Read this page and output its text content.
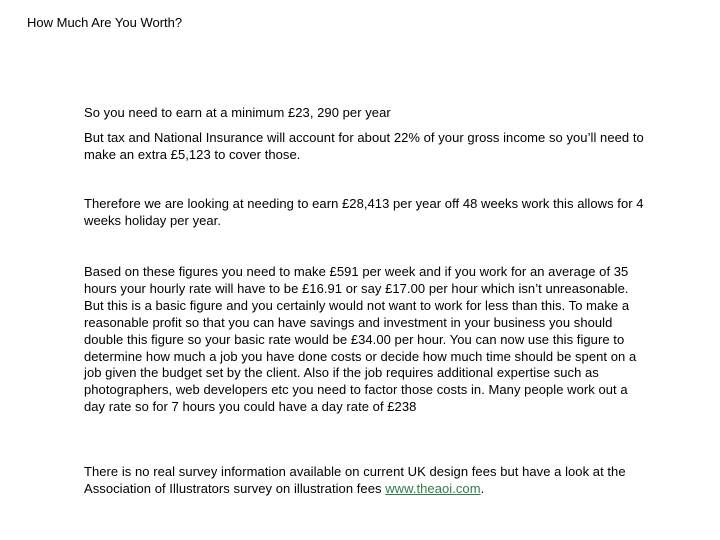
How Much Are You Worth?

So you need to earn at a minimum £23, 290 per year

But tax and National Insurance will account for about 22% of your gross income so you’ll need to make an extra £5,123 to cover those.

Therefore we are looking at needing to earn £28,413 per year off 48 weeks work this allows for 4 weeks holiday per year.

Based on these figures you need to make £591 per week and if you work for an average of 35 hours your hourly rate will have to be £16.91 or say £17.00 per hour which isn’t unreasonable. But this is a basic figure and you certainly would not want to work for less than this. To make a reasonable profit so that you can have savings and investment in your business you should double this figure so your basic rate would be £34.00 per hour. You can now use this figure to determine how much a job you have done costs or decide how much time should be spent on a job given the budget set by the client. Also if the job requires additional expertise such as photographers, web developers etc you need to factor those costs in. Many people work out a day rate so for 7 hours you could have a day rate of £238

There is no real survey information available on current UK design fees but have a look at the Association of Illustrators survey on illustration fees www.theaoi.com.
